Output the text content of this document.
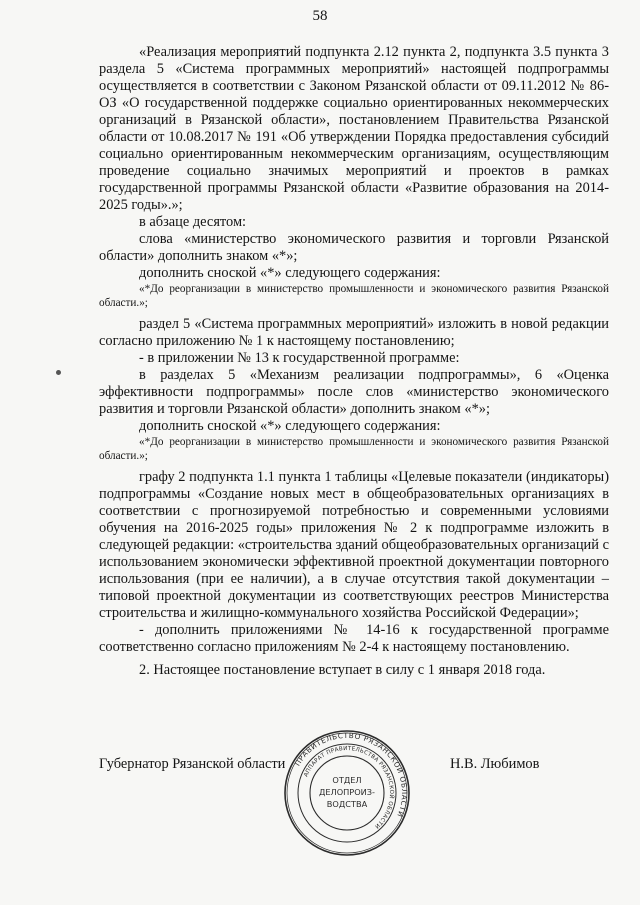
58

«Реализация мероприятий подпункта 2.12 пункта 2, подпункта 3.5 пункта 3 раздела 5 «Система программных мероприятий» настоящей подпрограммы осуществляется в соответствии с Законом Рязанской области от 09.11.2012 № 86-ОЗ «О государственной поддержке социально ориентированных некоммерческих организаций в Рязанской области», постановлением Правительства Рязанской области от 10.08.2017 № 191 «Об утверждении Порядка предоставления субсидий социально ориентированным некоммерческим организациям, осуществляющим проведение социально значимых мероприятий и проектов в рамках государственной программы Рязанской области «Развитие образования на 2014-2025 годы».»;

в абзаце десятом:

слова «министерство экономического развития и торговли Рязанской области» дополнить знаком «*»;

дополнить сноской «*» следующего содержания:

«*До реорганизации в министерство промышленности и экономического развития Рязанской области.»;

раздел 5 «Система программных мероприятий» изложить в новой редакции согласно приложению № 1 к настоящему постановлению;

- в приложении № 13 к государственной программе:

в разделах 5 «Механизм реализации подпрограммы», 6 «Оценка эффективности подпрограммы» после слов «министерство экономического развития и торговли Рязанской области» дополнить знаком «*»;

дополнить сноской «*» следующего содержания:

«*До реорганизации в министерство промышленности и экономического развития Рязанской области.»;

графу 2 подпункта 1.1 пункта 1 таблицы «Целевые показатели (индикаторы) подпрограммы «Создание новых мест в общеобразовательных организациях в соответствии с прогнозируемой потребностью и современными условиями обучения на 2016-2025 годы» приложения № 2 к подпрограмме изложить в следующей редакции: «строительства зданий общеобразовательных организаций с использованием экономически эффективной проектной документации повторного использования (при ее наличии), а в случае отсутствия такой документации – типовой проектной документации из соответствующих реестров Министерства строительства и жилищно-коммунального хозяйства Российской Федерации»;

- дополнить приложениями № 14-16 к государственной программе соответственно согласно приложениям № 2-4 к настоящему постановлению.

2. Настоящее постановление вступает в силу с 1 января 2018 года.

Губернатор Рязанской области	Н.В. Любимов
ПРАВИТЕЛЬСТВО РЯЗАНСКОЙ ОБЛАСТИ
АППАРАТ ПРАВИТЕЛЬСТВА РЯЗАНСКОЙ ОБЛАСТИ
ОТДЕЛ
ДЕЛОПРОИЗ-
ВОДСТВА
